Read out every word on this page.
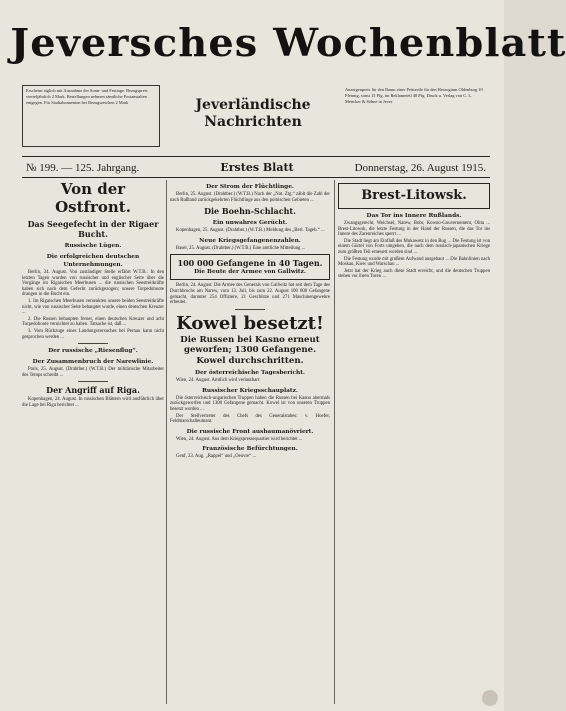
Jeversches Wochenblatt
Erscheint täglich mit Ausnahme der Sonn- und Festtage. Bezugspreis vierteljährlich 2 Mark. Bestellungen nehmen sämtliche Postanstalten entgegen. Für Stadtabonnenten bei Bezugszeichen 2 Mark	Jeverländische
Nachrichten
Anzeigenpreis für den Raum einer Petitzeile für den Herzogtum Oldenburg 10 Pfennig, sonst 15 Pfg. im Reklameteil 40 Pfg. Druck u. Verlag von C. L. Mettcker & Söhne in Jever
№ 199. — 125. Jahrgang.	Erstes Blatt	Donnerstag, 26. August 1915.
Von der Ostfront.
Das Seegefecht in der Rigaer Bucht.
Russische Lügen.
Die erfolgreichen deutschen Unternehmungen.

Berlin, 24. August. Von zuständiger Stelle erfährt W.T.B.: In den letzten Tagen wurden von russischer und englischer Seite über die Vorgänge im Rigaischen Meerbusen ... die russischen Seestreitkräfte haben sich nach dem Gefecht zurückgezogen; unsere Torpedoboote drangen in die Bucht ein.

1. Im Rigaischen Meerbusen versenkten unsere beiden Seestreitkräfte nicht, wie von russischer Seite behauptet wurde, einen deutschen Kreuzer ...

2. Die Russen behaupten ferner, einen deutschen Kreuzer und acht Torpedoboote vernichtet zu haben. Tatsache ist, daß ...

3. Vom Rückzuge eines Landungsversuches bei Pernau kann nicht gesprochen werden ...

Der russische „Riesenflug“.
Der Zusammenbruch der Narewlinie.

Paris, 25. August. (Drahtber.) (W.T.B.) Der militärische Mitarbeiter des Temps schreibt ...

Der Angriff auf Riga.

Kopenhagen, 24. August. In russischen Blättern wird ausführlich über die Lage bei Riga berichtet ...

Der Strom der Flüchtlinge.

Berlin, 25. August. (Drahtber.) (W.T.B.) Nach der „Nat. Ztg.“ zählt die Zahl der nach Rußland zurückgekehrten Flüchtlinge aus den polnischen Gebieten ...

Die Boehn-Schlacht.
Ein unwahres Gerücht.

Kopenhagen, 25. August. (Drahtber.) (W.T.B.) Meldung des „Berl. Tageb.“ ...

Neue Kriegsgefangenenzahlen.

Basel, 25. August. (Drahtber.) (W.T.B.) Eine amtliche Mitteilung ...

100 000 Gefangene in 40 Tagen.
Die Beute der Armee von Gallwitz.

Berlin, 24. August. Die Armee des Generals von Gallwitz hat seit dem Tage des Durchbruchs am Narew, vom 13. Juli, bis zum 22. August 100 000 Gefangene gemacht, darunter 254 Offiziere, 21 Geschütze und 271 Maschinengewehre erbeutet.

Kowel besetzt!
Die Russen bei Kasno erneut geworfen; 1300 Gefangene.
Kowel durchschritten.
Der österreichische Tagesbericht.

Wien, 24. August. Amtlich wird verlautbart:

Russischer Kriegsschauplatz.

Die österreichisch-ungarischen Truppen haben die Russen bei Kasno abermals zurückgeworfen und 1300 Gefangene gemacht. Kowel ist von unseren Truppen besetzt worden ...

Der Stellvertreter des Chefs des Generalstabes: v. Hoefer, Feldmarschalleutnant.

Die russische Front ausbaumanövriert.

Wien, 24. August. Aus dem Kriegspressequartier wird berichtet ...

Französische Befürchtungen.

Genf, 23. Aug. „Rappel“ und „Oeuvre“ ...

Brest-Litowsk.
Das Tor ins Innere Rußlands.

Zwangsgerecht, Weichsel, Narew, Bobr, Kowno-Gouvernement, Olita ... Brest-Litowsk, die letzte Festung in der Hand der Russen, die das Tor ins Innere des Zarenreiches sperrt ...

Die Stadt liegt am Einfluß des Mukawetz in den Bug ... Die Festung ist von einem Gürtel von Forts umgeben, die nach dem russisch-japanischen Kriege zum größten Teil erneuert worden sind ...

Die Festung wurde mit großem Aufwand ausgebaut ... Die Bahnlinien nach Moskau, Kiew und Warschau ...

Jetzt hat der Krieg auch diese Stadt erreicht, und die deutschen Truppen stehen vor ihren Toren ...
